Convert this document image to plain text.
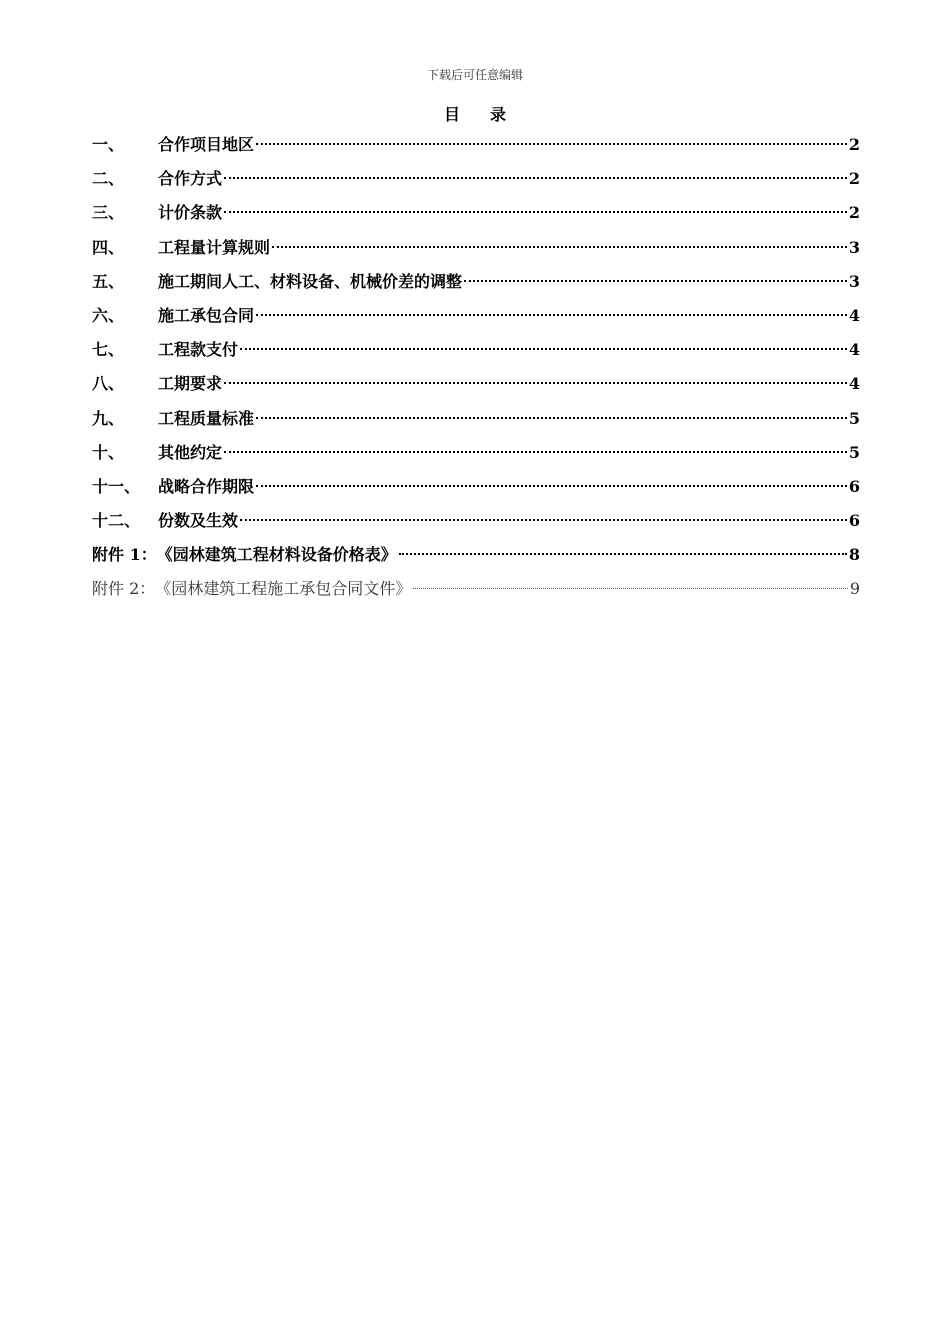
下载后可任意编辑
目录
一、	合作项目地区	2
二、	合作方式	2
三、	计价条款	2
四、	工程量计算规则	3
五、	施工期间人工、材料设备、机械价差的调整	3
六、	施工承包合同	4
七、	工程款支付	4
八、	工期要求	4
九、	工程质量标准	5
十、	其他约定	5
十一、	战略合作期限	6
十二、	份数及生效	6
附件 1： 《园林建筑工程材料设备价格表》	8
附件 2： 《园林建筑工程施工承包合同文件》	9
